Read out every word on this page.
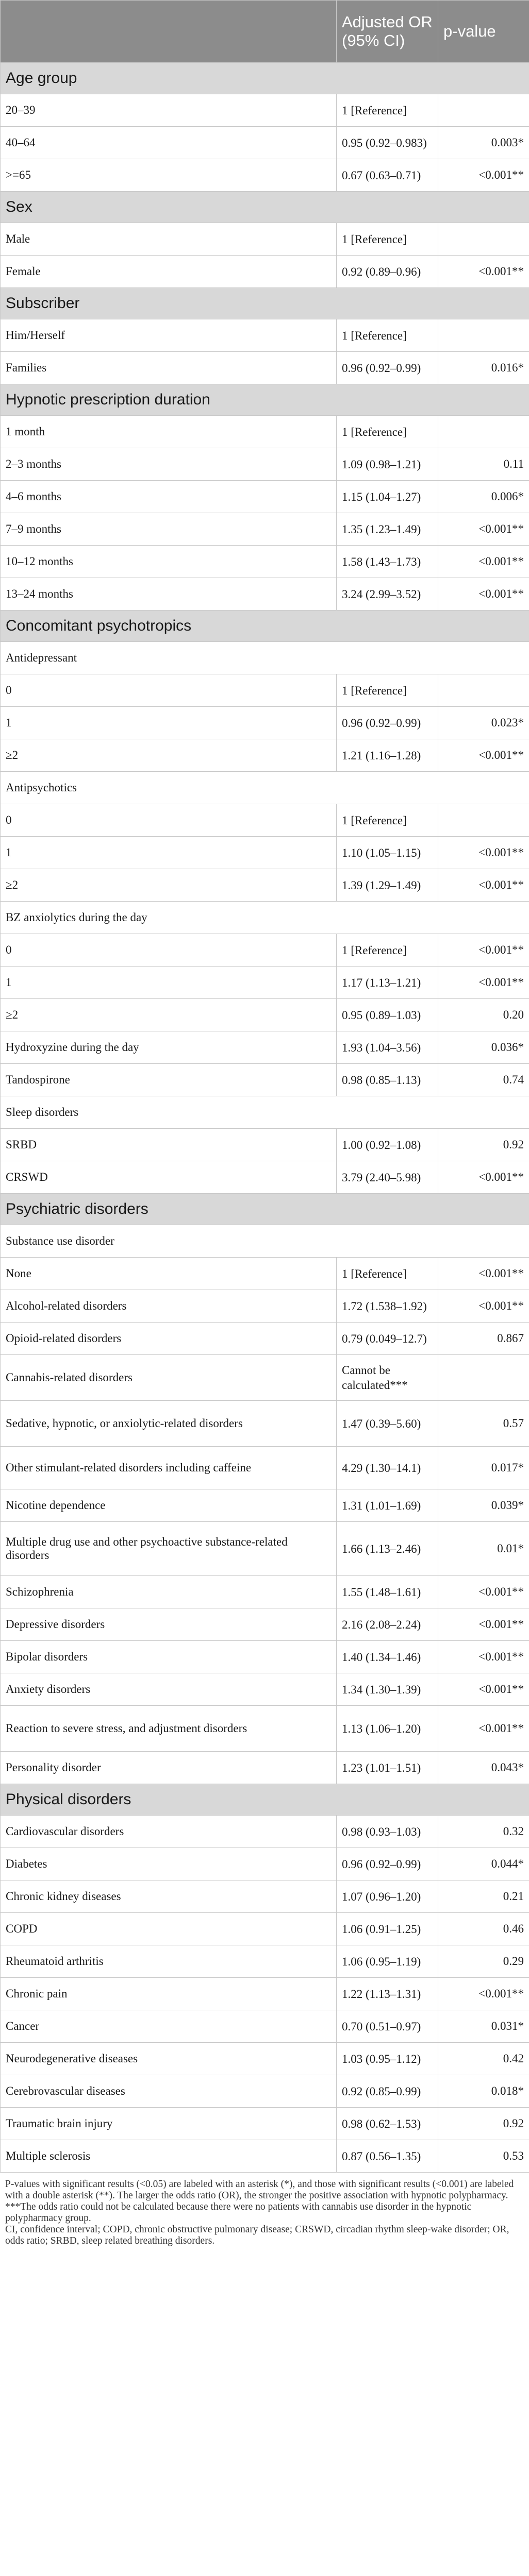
	Adjusted OR (95% CI)	p-value
Age group		
20–39	1 [Reference]	
40–64	0.95 (0.92–0.983)	0.003*
>=65	0.67 (0.63–0.71)	<0.001**
Sex		
Male	1 [Reference]	
Female	0.92 (0.89–0.96)	<0.001**
Subscriber		
Him/Herself	1 [Reference]	
Families	0.96 (0.92–0.99)	0.016*
Hypnotic prescription duration		
1 month	1 [Reference]	
2–3 months	1.09 (0.98–1.21)	0.11
4–6 months	1.15 (1.04–1.27)	0.006*
7–9 months	1.35 (1.23–1.49)	<0.001**
10–12 months	1.58 (1.43–1.73)	<0.001**
13–24 months	3.24 (2.99–3.52)	<0.001**
Concomitant psychotropics		
Antidepressant		
0	1 [Reference]	
1	0.96 (0.92–0.99)	0.023*
≥2	1.21 (1.16–1.28)	<0.001**
Antipsychotics		
0	1 [Reference]	
1	1.10 (1.05–1.15)	<0.001**
≥2	1.39 (1.29–1.49)	<0.001**
BZ anxiolytics during the day		
0	1 [Reference]	<0.001**
1	1.17 (1.13–1.21)	<0.001**
≥2	0.95 (0.89–1.03)	0.20
Hydroxyzine during the day	1.93 (1.04–3.56)	0.036*
Tandospirone	0.98 (0.85–1.13)	0.74
Sleep disorders		
SRBD	1.00 (0.92–1.08)	0.92
CRSWD	3.79 (2.40–5.98)	<0.001**
Psychiatric disorders		
Substance use disorder		
None	1 [Reference]	<0.001**
Alcohol-related disorders	1.72 (1.538–1.92)	<0.001**
Opioid-related disorders	0.79 (0.049–12.7)	0.867
Cannabis-related disorders	Cannot be calculated***	
Sedative, hypnotic, or anxiolytic-related disorders	1.47 (0.39–5.60)	0.57
Other stimulant-related disorders including caffeine	4.29 (1.30–14.1)	0.017*
Nicotine dependence	1.31 (1.01–1.69)	0.039*
Multiple drug use and other psychoactive substance-related disorders	1.66 (1.13–2.46)	0.01*
Schizophrenia	1.55 (1.48–1.61)	<0.001**
Depressive disorders	2.16 (2.08–2.24)	<0.001**
Bipolar disorders	1.40 (1.34–1.46)	<0.001**
Anxiety disorders	1.34 (1.30–1.39)	<0.001**
Reaction to severe stress, and adjustment disorders	1.13 (1.06–1.20)	<0.001**
Personality disorder	1.23 (1.01–1.51)	0.043*
Physical disorders		
Cardiovascular disorders	0.98 (0.93–1.03)	0.32
Diabetes	0.96 (0.92–0.99)	0.044*
Chronic kidney diseases	1.07 (0.96–1.20)	0.21
COPD	1.06 (0.91–1.25)	0.46
Rheumatoid arthritis	1.06 (0.95–1.19)	0.29
Chronic pain	1.22 (1.13–1.31)	<0.001**
Cancer	0.70 (0.51–0.97)	0.031*
Neurodegenerative diseases	1.03 (0.95–1.12)	0.42
Cerebrovascular diseases	0.92 (0.85–0.99)	0.018*
Traumatic brain injury	0.98 (0.62–1.53)	0.92
Multiple sclerosis	0.87 (0.56–1.35)	0.53

P-values with significant results (<0.05) are labeled with an asterisk (*), and those with significant results (<0.001) are labeled with a double asterisk (**). The larger the odds ratio (OR), the stronger the positive association with hypnotic polypharmacy.

***The odds ratio could not be calculated because there were no patients with cannabis use disorder in the hypnotic polypharmacy group.

CI, confidence interval; COPD, chronic obstructive pulmonary disease; CRSWD, circadian rhythm sleep-wake disorder; OR, odds ratio; SRBD, sleep related breathing disorders.
